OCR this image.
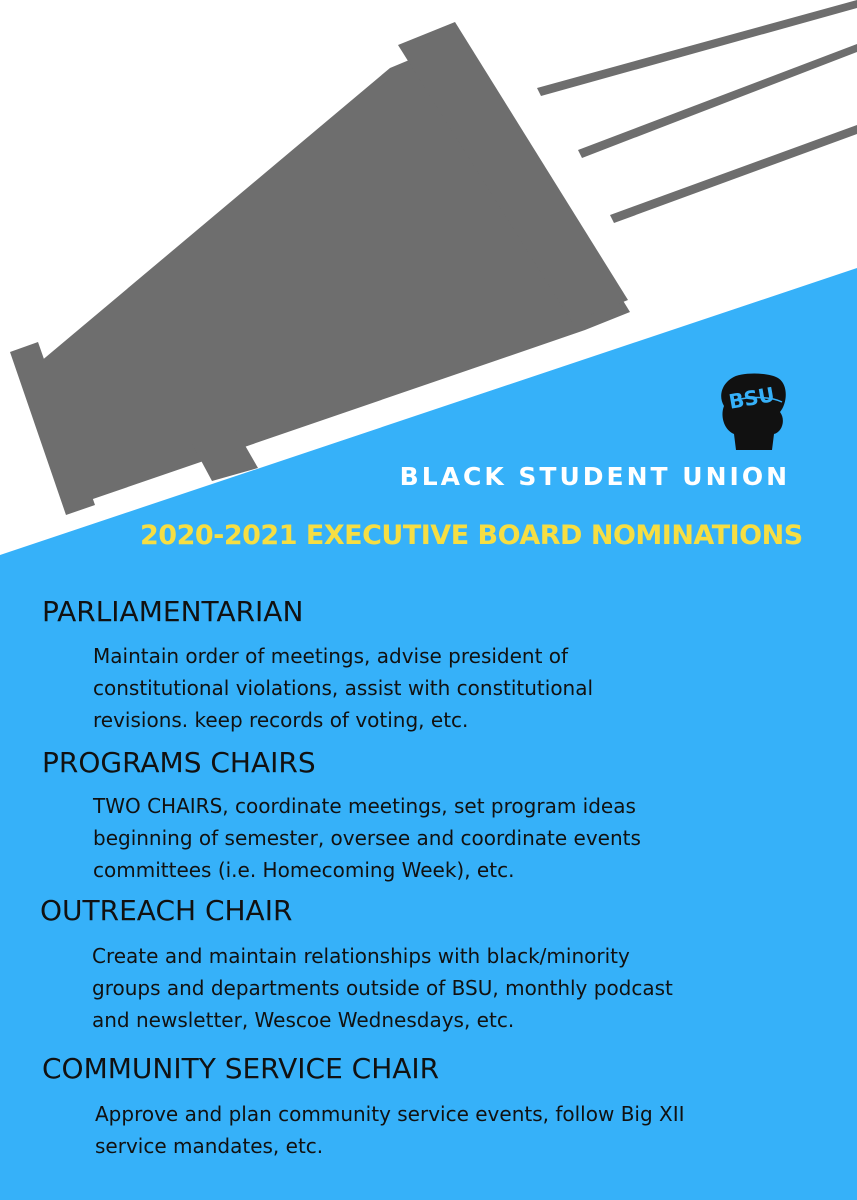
BSU
BLACK STUDENT UNION
2020-2021 EXECUTIVE BOARD NOMINATIONS
PARLIAMENTARIAN
Maintain order of meetings, advise president of
constitutional violations, assist with constitutional
revisions. keep records of voting, etc.
PROGRAMS CHAIRS
TWO CHAIRS, coordinate meetings, set program ideas
beginning of semester, oversee and coordinate events
committees (i.e. Homecoming Week), etc.
OUTREACH CHAIR
Create and maintain relationships with black/minority
groups and departments outside of BSU, monthly podcast
and newsletter, Wescoe Wednesdays, etc.
COMMUNITY SERVICE CHAIR
Approve and plan community service events, follow Big XII
service mandates, etc.
